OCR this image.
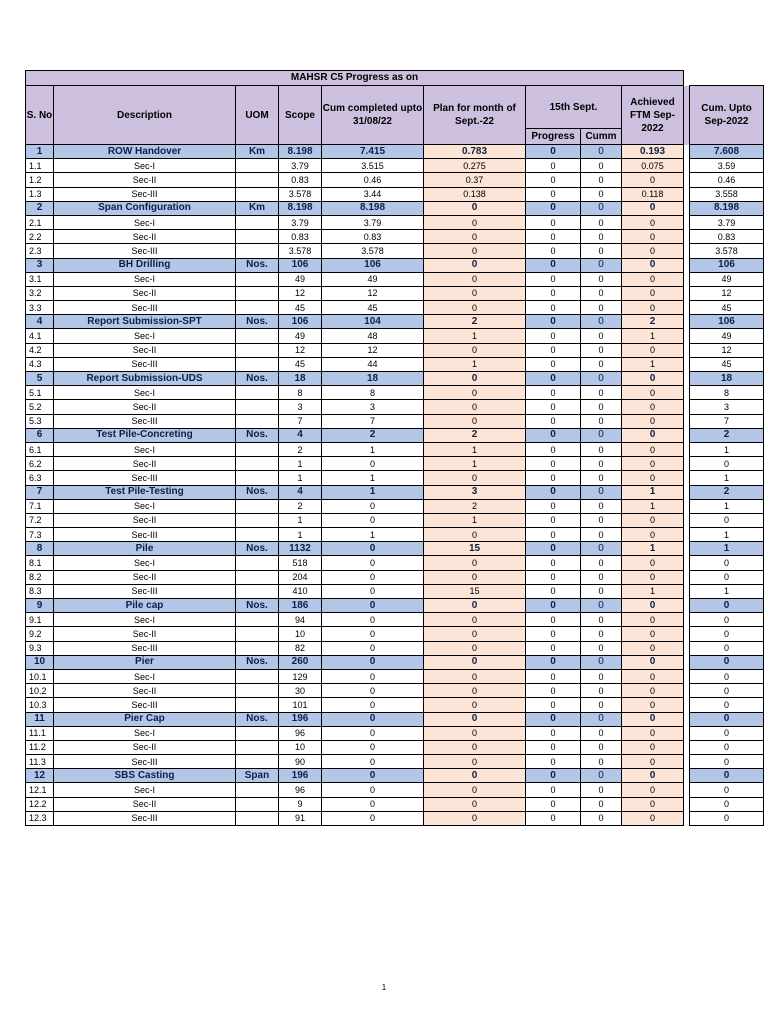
MAHSR C5 Progress as on										
S. No	Description	UOM	Scope	Cum completed upto 31/08/22	Plan for month of Sept.-22	15th Sept.		Achieved FTM Sep-2022		Cum. Upto Sep-2022
						Progress	Cumm			
1	ROW Handover	Km	8.198	7.415	0.783	0	0	0.193		7.608
1.1	Sec-I		3.79	3.515	0.275	0	0	0.075		3.59
1.2	Sec-II		0.83	0.46	0.37	0	0	0		0.46
1.3	Sec-III		3.578	3.44	0.138	0	0	0.118		3.558
2	Span Configuration	Km	8.198	8.198	0	0	0	0		8.198
2.1	Sec-I		3.79	3.79	0	0	0	0		3.79
2.2	Sec-II		0.83	0.83	0	0	0	0		0.83
2.3	Sec-III		3.578	3.578	0	0	0	0		3.578
3	BH Drilling	Nos.	106	106	0	0	0	0		106
3.1	Sec-I		49	49	0	0	0	0		49
3.2	Sec-II		12	12	0	0	0	0		12
3.3	Sec-III		45	45	0	0	0	0		45
4	Report Submission-SPT	Nos.	106	104	2	0	0	2		106
4.1	Sec-I		49	48	1	0	0	1		49
4.2	Sec-II		12	12	0	0	0	0		12
4.3	Sec-III		45	44	1	0	0	1		45
5	Report Submission-UDS	Nos.	18	18	0	0	0	0		18
5.1	Sec-I		8	8	0	0	0	0		8
5.2	Sec-II		3	3	0	0	0	0		3
5.3	Sec-III		7	7	0	0	0	0		7
6	Test Pile-Concreting	Nos.	4	2	2	0	0	0		2
6.1	Sec-I		2	1	1	0	0	0		1
6.2	Sec-II		1	0	1	0	0	0		0
6.3	Sec-III		1	1	0	0	0	0		1
7	Test Pile-Testing	Nos.	4	1	3	0	0	1		2
7.1	Sec-I		2	0	2	0	0	1		1
7.2	Sec-II		1	0	1	0	0	0		0
7.3	Sec-III		1	1	0	0	0	0		1
8	Pile	Nos.	1132	0	15	0	0	1		1
8.1	Sec-I		518	0	0	0	0	0		0
8.2	Sec-II		204	0	0	0	0	0		0
8.3	Sec-III		410	0	15	0	0	1		1
9	Pile cap	Nos.	186	0	0	0	0	0		0
9.1	Sec-I		94	0	0	0	0	0		0
9.2	Sec-II		10	0	0	0	0	0		0
9.3	Sec-III		82	0	0	0	0	0		0
10	Pier	Nos.	260	0	0	0	0	0		0
10.1	Sec-I		129	0	0	0	0	0		0
10.2	Sec-II		30	0	0	0	0	0		0
10.3	Sec-III		101	0	0	0	0	0		0
11	Pier Cap	Nos.	196	0	0	0	0	0		0
11.1	Sec-I		96	0	0	0	0	0		0
11.2	Sec-II		10	0	0	0	0	0		0
11.3	Sec-III		90	0	0	0	0	0		0
12	SBS Casting	Span	196	0	0	0	0	0		0
12.1	Sec-I		96	0	0	0	0	0		0
12.2	Sec-II		9	0	0	0	0	0		0
12.3	Sec-III		91	0	0	0	0	0		0
1
